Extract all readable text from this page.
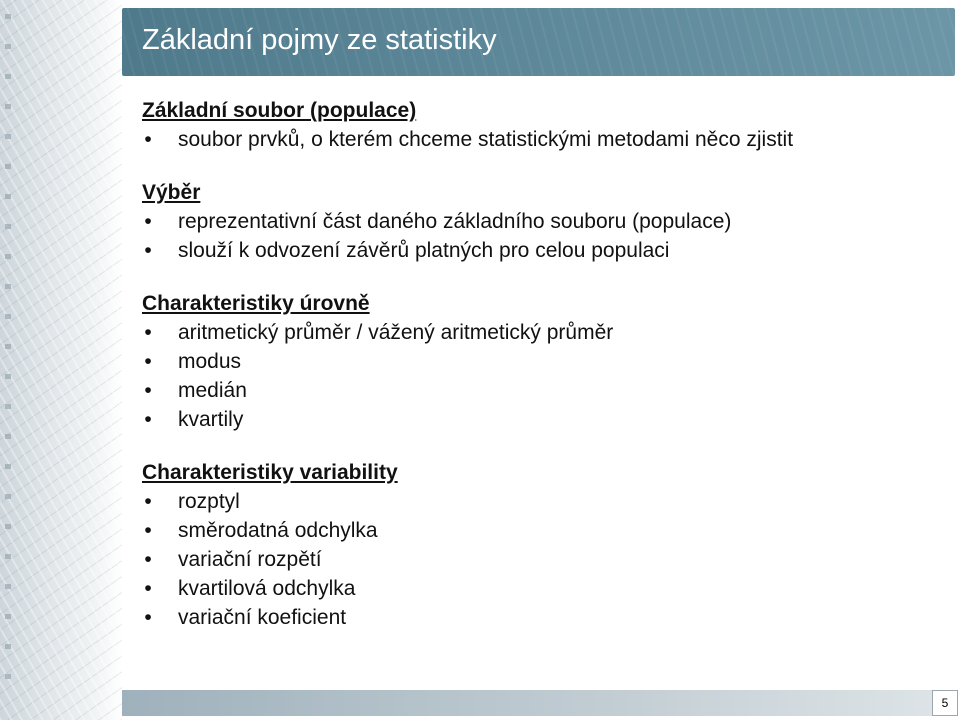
Základní pojmy ze statistiky
Základní soubor (populace)
• soubor prvků, o kterém chceme statistickými metodami něco zjistit
Výběr
• reprezentativní část daného základního souboru (populace)
• slouží k odvození závěrů platných pro celou populaci
Charakteristiky úrovně
• aritmetický průměr / vážený aritmetický průměr
• modus
• medián
• kvartily
Charakteristiky variability
• rozptyl
• směrodatná odchylka
• variační rozpětí
• kvartilová odchylka
• variační koeficient
5
